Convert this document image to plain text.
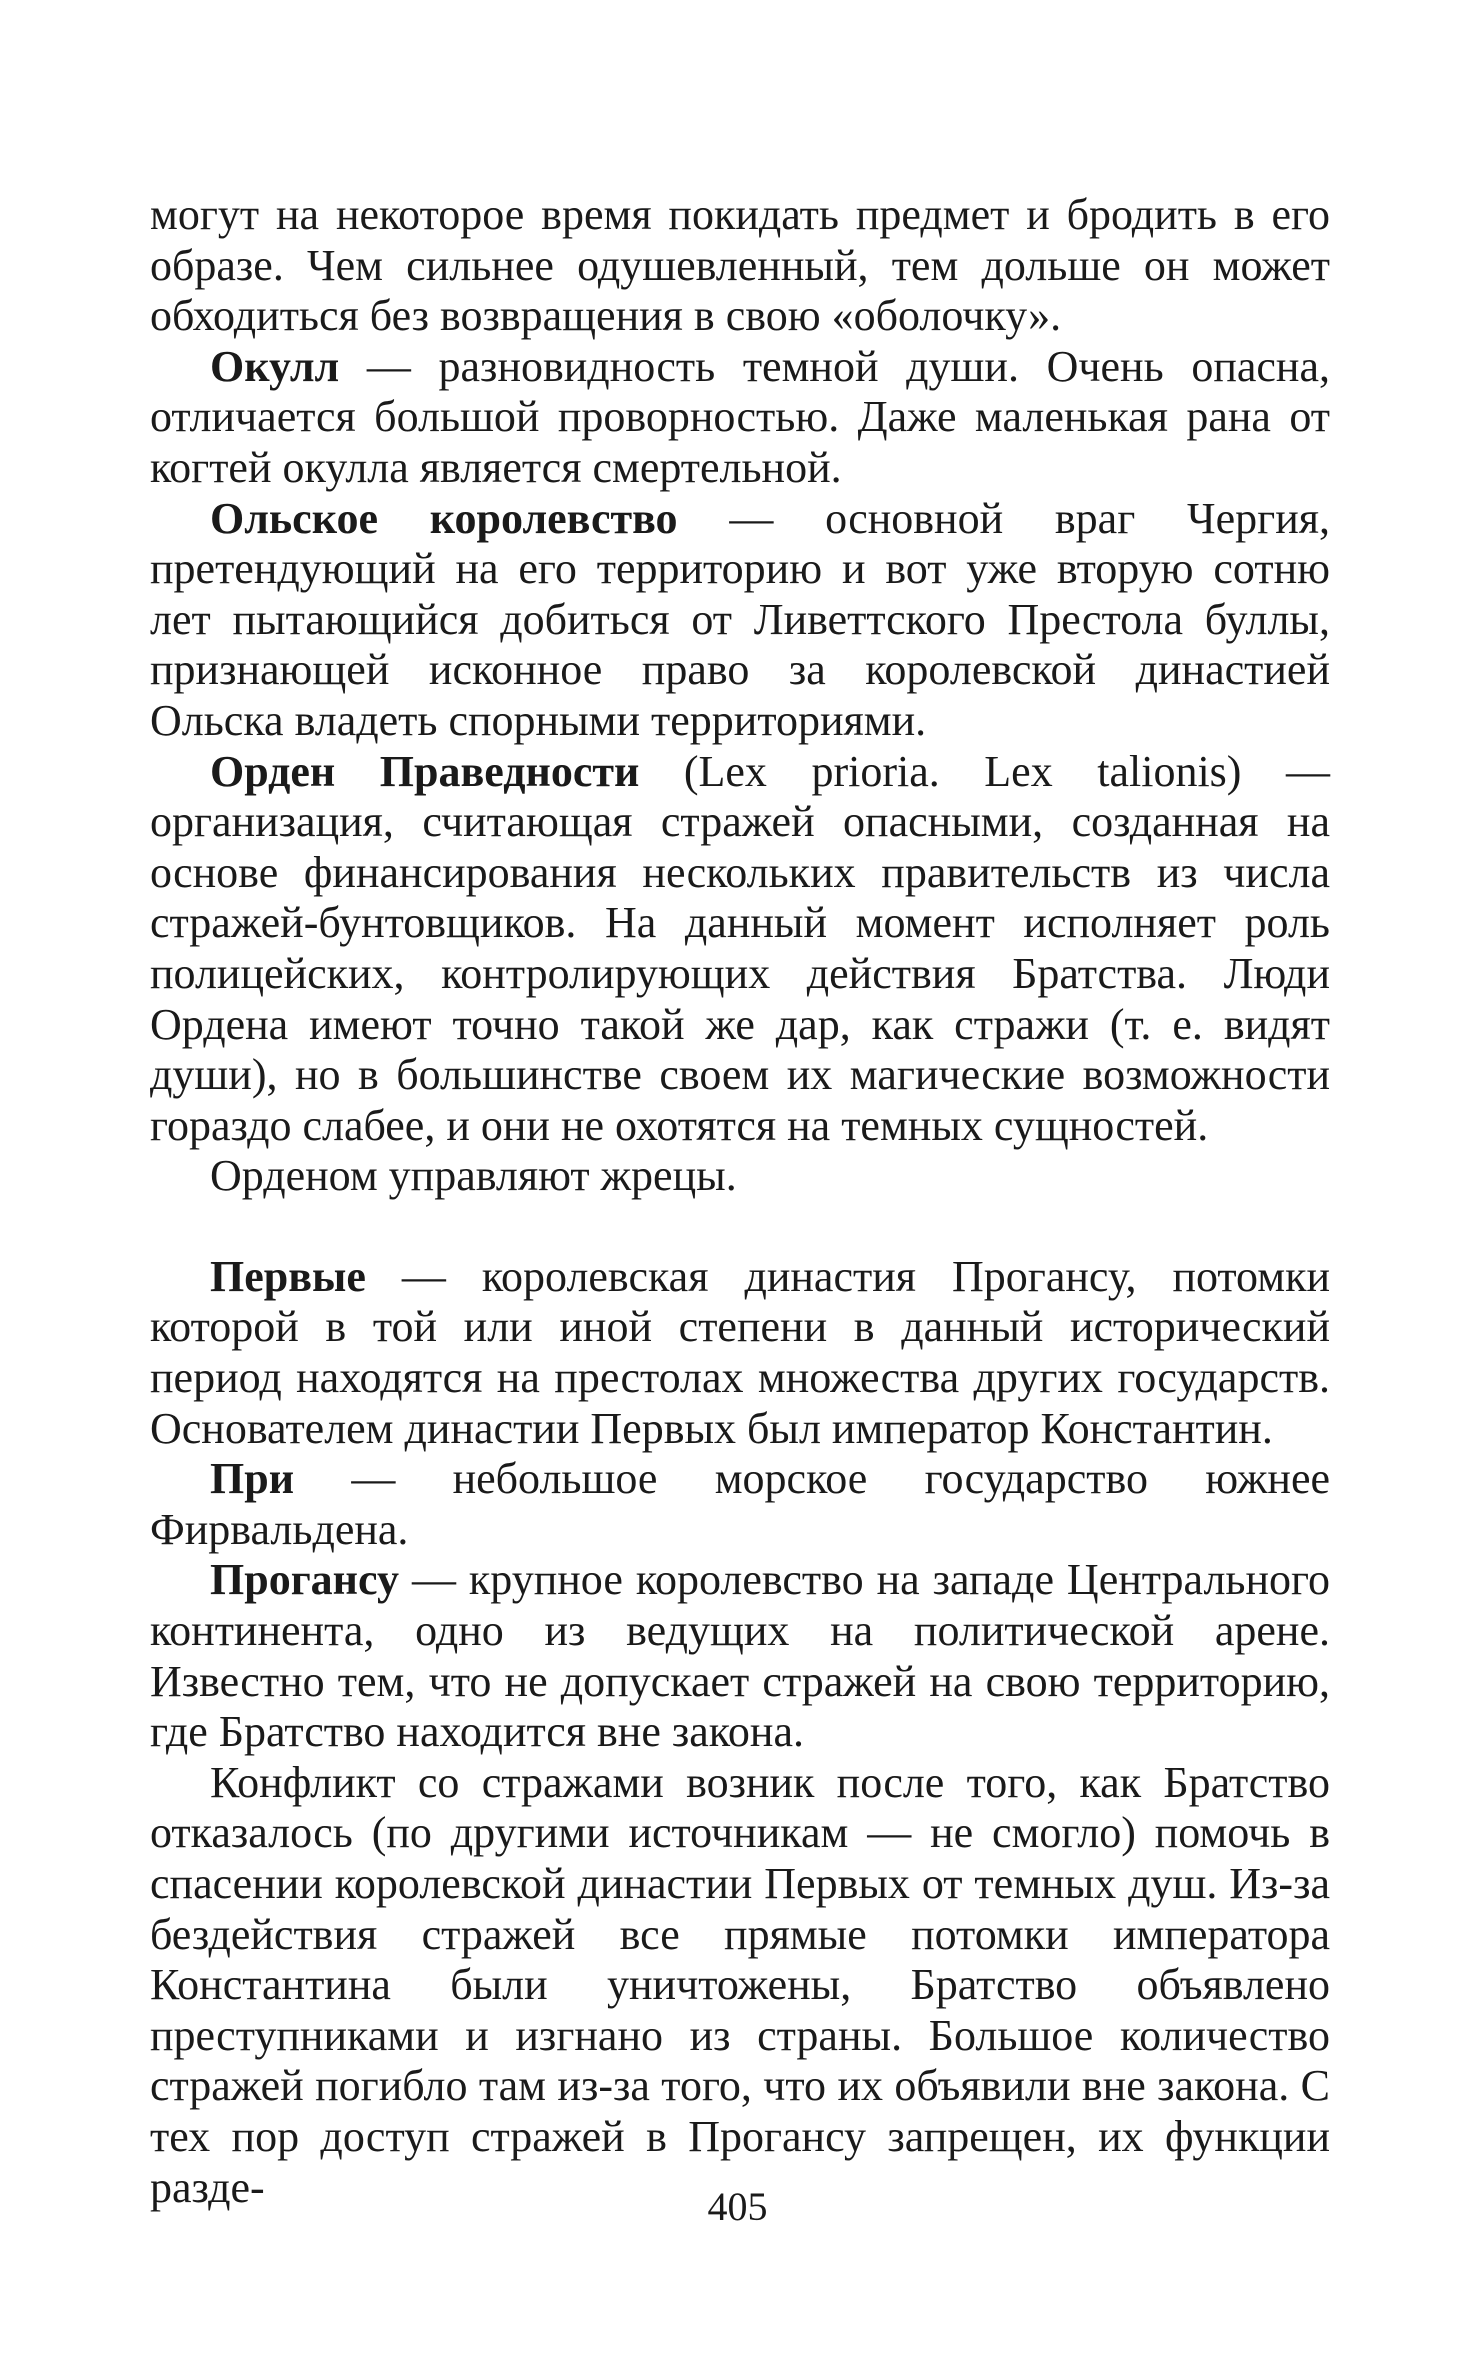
могут на некоторое время покидать предмет и бродить в его образе. Чем сильнее одушевленный, тем дольше он может обходиться без возвращения в свою «оболочку».

Окулл — разновидность темной души. Очень опасна, отличается большой проворностью. Даже маленькая рана от когтей окулла является смертельной.

Ольское королевство — основной враг Чергия, претендующий на его территорию и вот уже вторую сотню лет пытающийся добиться от Ливеттского Престола буллы, признающей исконное право за королевской династией Ольска владеть спорными территориями.

Орден Праведности (Lex prioria. Lex talionis) — организация, считающая стражей опасными, созданная на основе финансирования нескольких правительств из числа стражей-бунтовщиков. На данный момент исполняет роль полицейских, контролирующих действия Братства. Люди Ордена имеют точно такой же дар, как стражи (т. е. видят души), но в большинстве своем их магические возможности гораздо слабее, и они не охотятся на темных сущностей.

Орденом управляют жрецы.

Первые — королевская династия Прогансу, потомки которой в той или иной степени в данный исторический период находятся на престолах множества других государств. Основателем династии Первых был император Константин.

При — небольшое морское государство южнее Фирвальдена.

Прогансу — крупное королевство на западе Центрального континента, одно из ведущих на политической арене. Известно тем, что не допускает стражей на свою территорию, где Братство находится вне закона.

Конфликт со стражами возник после того, как Братство отказалось (по другими источникам — не смогло) помочь в спасении королевской династии Первых от темных душ. Из-за бездействия стражей все прямые потомки императора Константина были уничтожены, Братство объявлено преступниками и изгнано из страны. Большое количество стражей погибло там из-за того, что их объявили вне закона. С тех пор доступ стражей в Прогансу запрещен, их функции разде-	405
